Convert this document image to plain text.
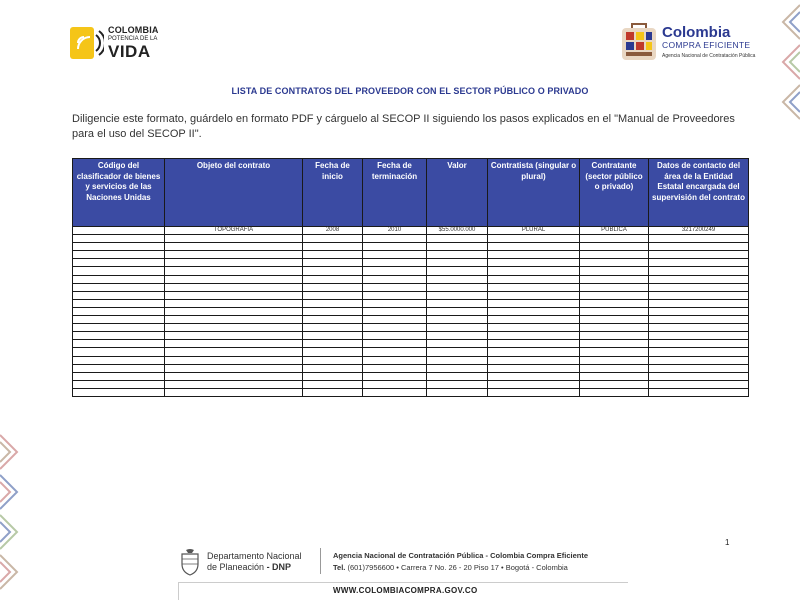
COLOMBIA
POTENCIA DE LA
VIDA
Colombia
COMPRA EFICIENTE
Agencia Nacional de Contratación Pública
LISTA DE CONTRATOS DEL PROVEEDOR CON EL SECTOR PÚBLICO O PRIVADO

Diligencie este formato, guárdelo en formato PDF y cárguelo al SECOP II siguiendo los pasos explicados en el "Manual de Proveedores para el uso del SECOP II".

Código del clasificador de bienes y servicios de las Naciones Unidas	Objeto del contrato	Fecha de inicio	Fecha de terminación	Valor	Contratista (singular o plural)	Contratante (sector público o privado)	Datos de contacto del área de la Entidad Estatal encargada del supervisión del contrato
	TOPOGRAFIA	2008	2010	$55.0000.000	PLURAL	PUBLICA	3217200249

1
Departamento Nacional
de Planeación - DNP
Agencia Nacional de Contratación Pública - Colombia Compra Eficiente
Tel. (601)7956600 • Carrera 7 No. 26 - 20 Piso 17 • Bogotá - Colombia
WWW.COLOMBIACOMPRA.GOV.CO
